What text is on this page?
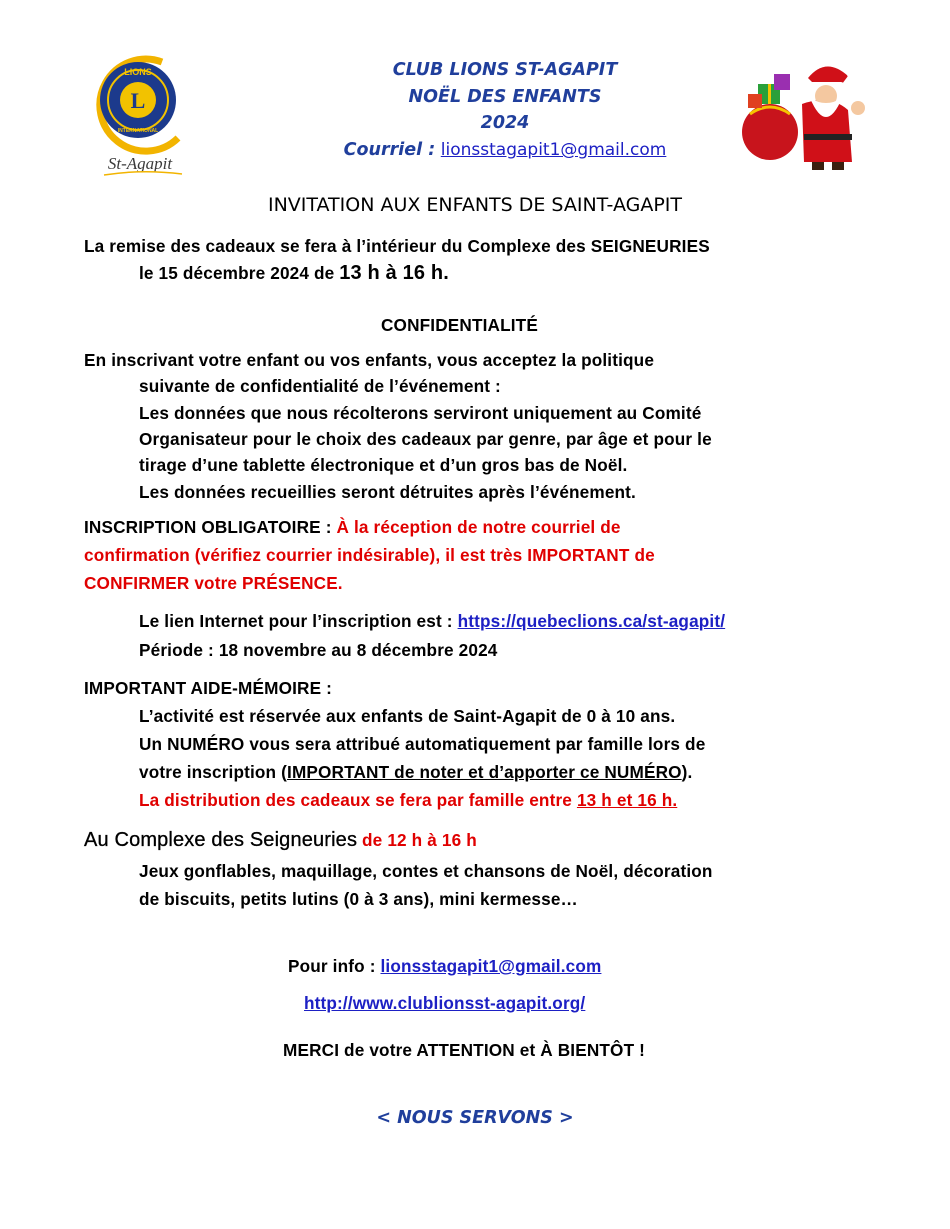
L
LIONS
INTERNATIONAL
St-Agapit
CLUB LIONS ST-AGAPIT
NOËL DES ENFANTS
2024
Courriel : lionsstagapit1@gmail.com
INVITATION AUX ENFANTS DE SAINT-AGAPIT
La remise des cadeaux se fera à l’intérieur du Complexe des SEIGNEURIES
le 15 décembre 2024 de 13 h à 16 h.
CONFIDENTIALITÉ
En inscrivant votre enfant ou vos enfants, vous acceptez la politique
suivante de confidentialité de l’événement :
Les données que nous récolterons serviront uniquement au Comité
Organisateur pour le choix des cadeaux par genre, par âge et pour le
tirage d’une tablette électronique et d’un gros bas de Noël.
Les données recueillies seront détruites après l’événement.
INSCRIPTION OBLIGATOIRE : À la réception de notre courriel de
confirmation (vérifiez courrier indésirable), il est très IMPORTANT de
CONFIRMER votre PRÉSENCE.
Le lien Internet pour l’inscription est : https://quebeclions.ca/st-agapit/
Période : 18 novembre au 8 décembre 2024
IMPORTANT AIDE-MÉMOIRE :
L’activité est réservée aux enfants de Saint-Agapit de 0 à 10 ans.
Un NUMÉRO vous sera attribué automatiquement par famille lors de
votre inscription (IMPORTANT de noter et d’apporter ce NUMÉRO).
La distribution des cadeaux se fera par famille entre 13 h et 16 h.
Au Complexe des Seigneuries de 12 h à 16 h
Jeux gonflables, maquillage, contes et chansons de Noël, décoration
de biscuits, petits lutins (0 à 3 ans), mini kermesse…
Pour info : lionsstagapit1@gmail.com
http://www.clublionsst-agapit.org/
MERCI de votre ATTENTION et À BIENTÔT !
< NOUS SERVONS >
